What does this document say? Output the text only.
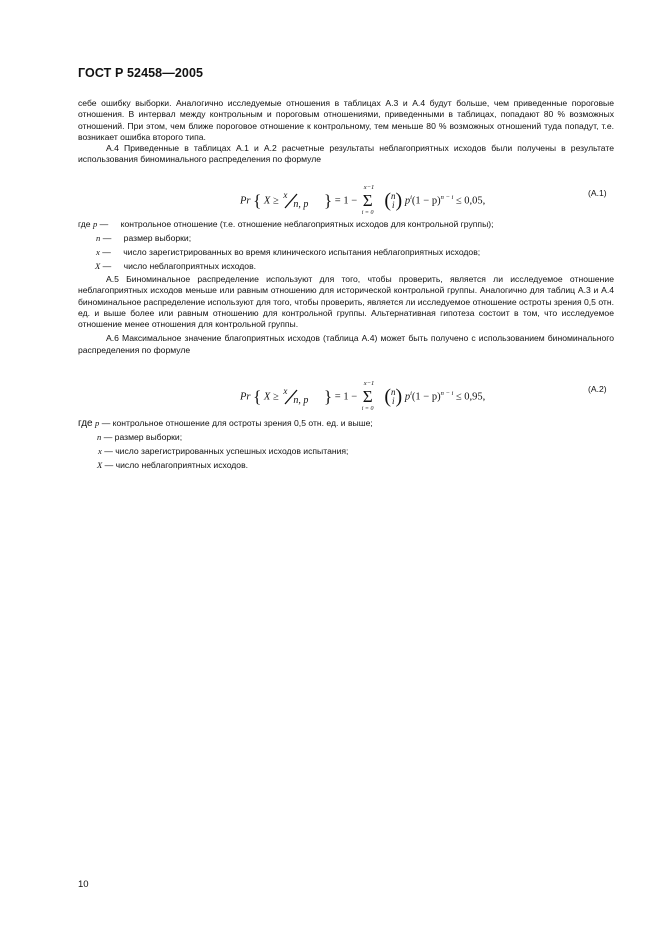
ГОСТ Р 52458—2005

себе ошибку выборки. Аналогично исследуемые отношения в таблицах А.3 и А.4 будут больше, чем приведенные пороговые отношения. В интервал между контрольным и пороговым отношениями, приведенными в таблицах, попадают 80 % возможных отношений. При этом, чем ближе пороговое отношение к контрольному, тем меньше 80 % возможных отношений туда попадут, т.е. возникает ошибка второго типа.

А.4 Приведенные в таблицах А.1 и А.2 расчетные результаты неблагоприятных исходов были получены в результате использования биноминального распределения по формуле

Pr { X ≥
x
n, p } = 1 −
x−1
Σ
i = 0
(n
i) $p^i(1 - p)^{n - i} \le 0,05$,
(А.1)
где p — контрольное отношение (т.е. отношение неблагоприятных исходов для контрольной группы);
n — размер выборки;
x — число зарегистрированных во время клинического испытания неблагоприятных исходов;
X — число неблагоприятных исходов.

А.5 Биноминальное распределение используют для того, чтобы проверить, является ли исследуемое отношение неблагоприятных исходов меньше или равным отношению для исторической контрольной группы. Аналогично для таблиц А.3 и А.4 биноминальное распределение используют для того, чтобы проверить, является ли исследуемое отношение остроты зрения 0,5 отн. ед. и выше более или равным отношению для контрольной группы. Альтернативная гипотеза состоит в том, что исследуемое отношение менее отношения для контрольной группы.

А.6 Максимальное значение благоприятных исходов (таблица А.4) может быть получено с использованием биноминального распределения по формуле

Pr { X ≥
x
n, p } = 1 −
x−1
Σ
i = 0
(n
i) $p^i(1 - p)^{n - i} \le 0,95$,
(А.2)
где p — контрольное отношение для остроты зрения 0,5 отн. ед. и выше;
n — размер выборки;
x — число зарегистрированных успешных исходов испытания;
X — число неблагоприятных исходов.
10
